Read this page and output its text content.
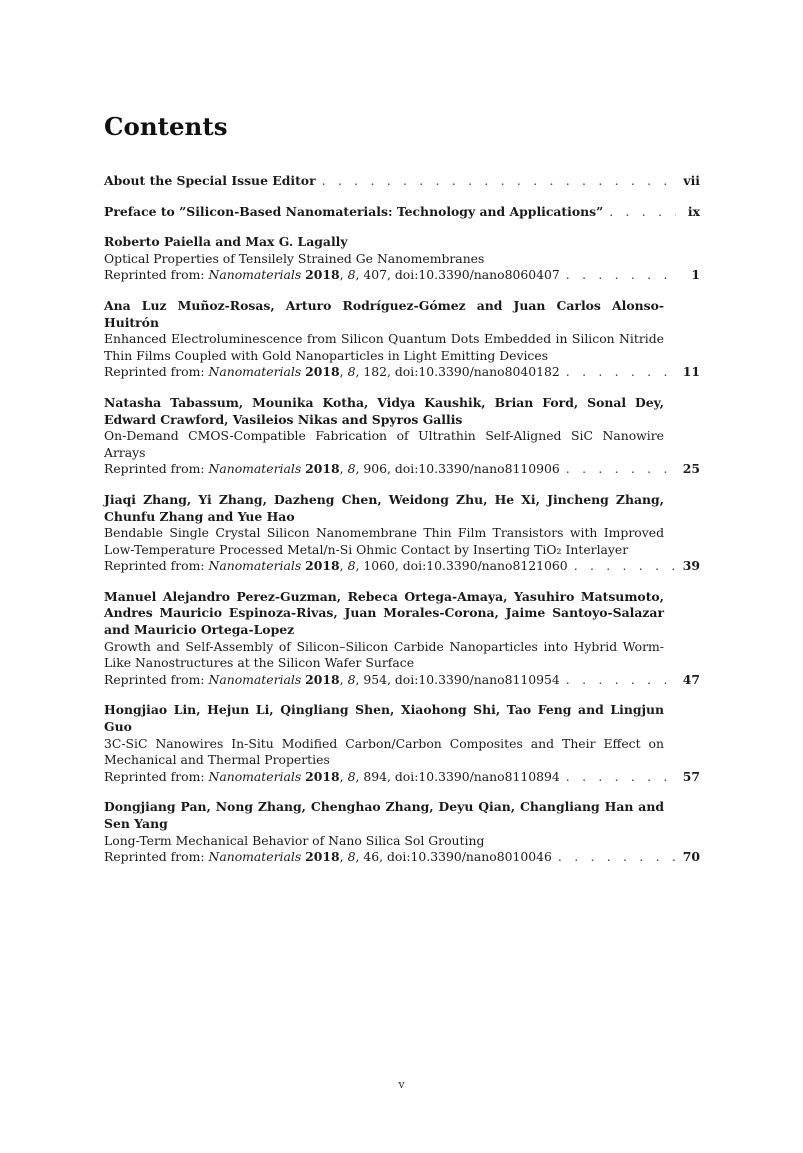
Contents
About the Special Issue Editor . . .	vii
Preface to ”Silicon-Based Nanomaterials: Technology and Applications” . . .	ix
Roberto Paiella and Max G. Lagally
Optical Properties of Tensilely Strained Ge Nanomembranes
Reprinted from: Nanomaterials 2018, 8, 407, doi:10.3390/nano8060407 . . .	1
Ana Luz Muñoz-Rosas, Arturo Rodríguez-Gómez and Juan Carlos Alonso-Huitrón
Enhanced Electroluminescence from Silicon Quantum Dots Embedded in Silicon Nitride Thin Films Coupled with Gold Nanoparticles in Light Emitting Devices
Reprinted from: Nanomaterials 2018, 8, 182, doi:10.3390/nano8040182 . . .	11
Natasha Tabassum, Mounika Kotha, Vidya Kaushik, Brian Ford, Sonal Dey, Edward Crawford, Vasileios Nikas and Spyros Gallis
On-Demand CMOS-Compatible Fabrication of Ultrathin Self-Aligned SiC Nanowire Arrays
Reprinted from: Nanomaterials 2018, 8, 906, doi:10.3390/nano8110906 . . .	25
Jiaqi Zhang, Yi Zhang, Dazheng Chen, Weidong Zhu, He Xi, Jincheng Zhang, Chunfu Zhang and Yue Hao
Bendable Single Crystal Silicon Nanomembrane Thin Film Transistors with Improved Low-Temperature Processed Metal/n-Si Ohmic Contact by Inserting TiO₂ Interlayer
Reprinted from: Nanomaterials 2018, 8, 1060, doi:10.3390/nano8121060 . . .	39
Manuel Alejandro Perez-Guzman, Rebeca Ortega-Amaya, Yasuhiro Matsumoto, Andres Mauricio Espinoza-Rivas, Juan Morales-Corona, Jaime Santoyo-Salazar and Mauricio Ortega-Lopez
Growth and Self-Assembly of Silicon–Silicon Carbide Nanoparticles into Hybrid Worm-Like Nanostructures at the Silicon Wafer Surface
Reprinted from: Nanomaterials 2018, 8, 954, doi:10.3390/nano8110954 . . .	47
Hongjiao Lin, Hejun Li, Qingliang Shen, Xiaohong Shi, Tao Feng and Lingjun Guo
3C-SiC Nanowires In-Situ Modified Carbon/Carbon Composites and Their Effect on Mechanical and Thermal Properties
Reprinted from: Nanomaterials 2018, 8, 894, doi:10.3390/nano8110894 . . .	57
Dongjiang Pan, Nong Zhang, Chenghao Zhang, Deyu Qian, Changliang Han and Sen Yang
Long-Term Mechanical Behavior of Nano Silica Sol Grouting
Reprinted from: Nanomaterials 2018, 8, 46, doi:10.3390/nano8010046 . . .	70
v
